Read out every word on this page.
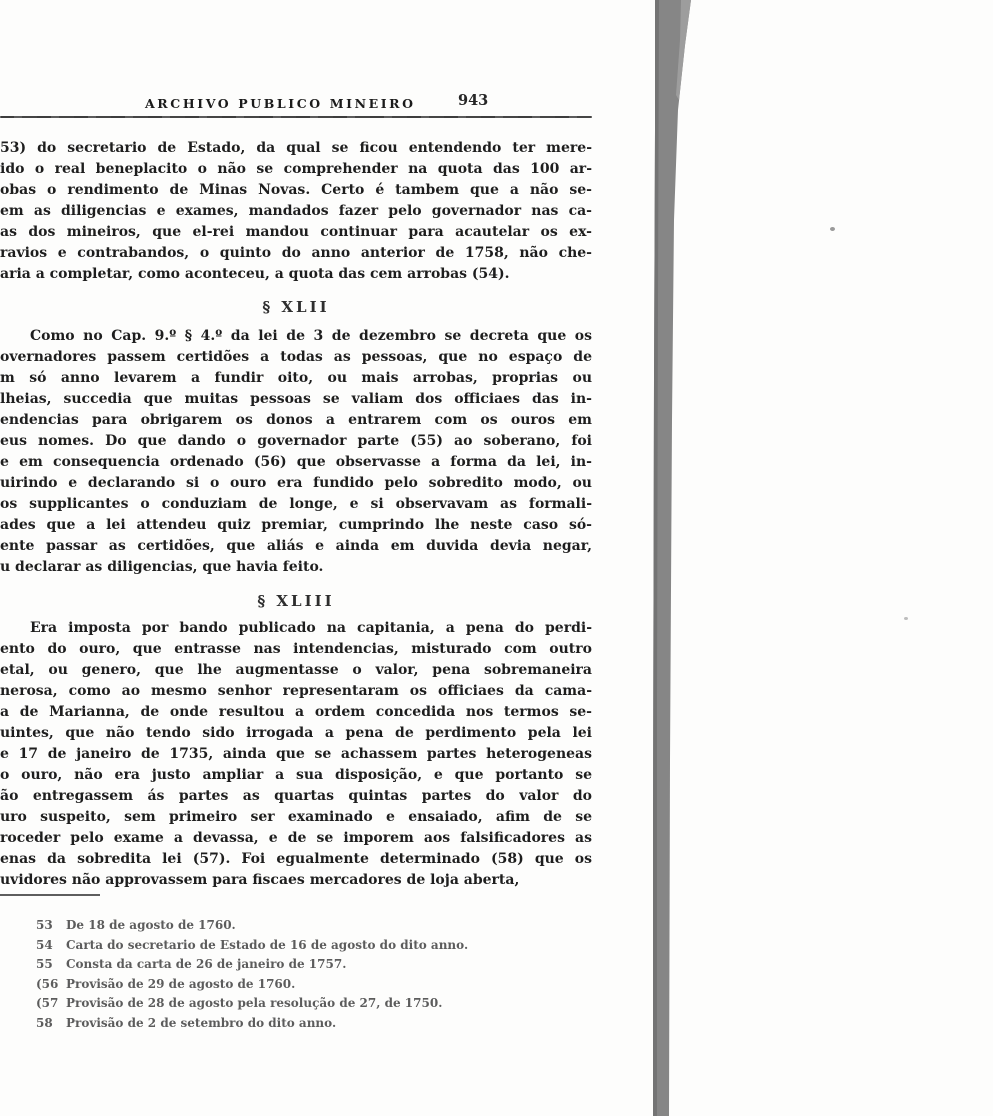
ARCHIVO PUBLICO MINEIRO	943
53) do secretario de Estado, da qual se ficou entendendo ter mere-
ido o real beneplacito o não se comprehender na quota das 100 ar-
obas o rendimento de Minas Novas. Certo é tambem que a não se-
em as diligencias e exames, mandados fazer pelo governador nas ca-
as dos mineiros, que el-rei mandou continuar para acautelar os ex-
ravios e contrabandos, o quinto do anno anterior de 1758, não che-
aria a completar, como aconteceu, a quota das cem arrobas (54).
§ XLII
Como no Cap. 9.º § 4.º da lei de 3 de dezembro se decreta que os
overnadores passem certidões a todas as pessoas, que no espaço de
m só anno levarem a fundir oito, ou mais arrobas, proprias ou
lheias, succedia que muitas pessoas se valiam dos officiaes das in-
endencias para obrigarem os donos a entrarem com os ouros em
eus nomes. Do que dando o governador parte (55) ao soberano, foi
e em consequencia ordenado (56) que observasse a forma da lei, in-
uirindo e declarando si o ouro era fundido pelo sobredito modo, ou
os supplicantes o conduziam de longe, e si observavam as formali-
ades que a lei attendeu quiz premiar, cumprindo lhe neste caso só-
ente passar as certidões, que aliás e ainda em duvida devia negar,
u declarar as diligencias, que havia feito.
§ XLIII
Era imposta por bando publicado na capitania, a pena do perdi-
ento do ouro, que entrasse nas intendencias, misturado com outro
etal, ou genero, que lhe augmentasse o valor, pena sobremaneira
nerosa, como ao mesmo senhor representaram os officiaes da cama-
a de Marianna, de onde resultou a ordem concedida nos termos se-
uintes, que não tendo sido irrogada a pena de perdimento pela lei
e 17 de janeiro de 1735, ainda que se achassem partes heterogeneas
o ouro, não era justo ampliar a sua disposição, e que portanto se
ão entregassem ás partes as quartas quintas partes do valor do
uro suspeito, sem primeiro ser examinado e ensaiado, afim de se
roceder pelo exame a devassa, e de se imporem aos falsificadores as
enas da sobredita lei (57). Foi egualmente determinado (58) que os
uvidores não approvassem para fiscaes mercadores de loja aberta,
53	De 18 de agosto de 1760.
54	Carta do secretario de Estado de 16 de agosto do dito anno.
55	Consta da carta de 26 de janeiro de 1757.
(56 Provisão de 29 de agosto de 1760.
(57 Provisão de 28 de agosto pela resolução de 27, de 1750.
58	Provisão de 2 de setembro do dito anno.
